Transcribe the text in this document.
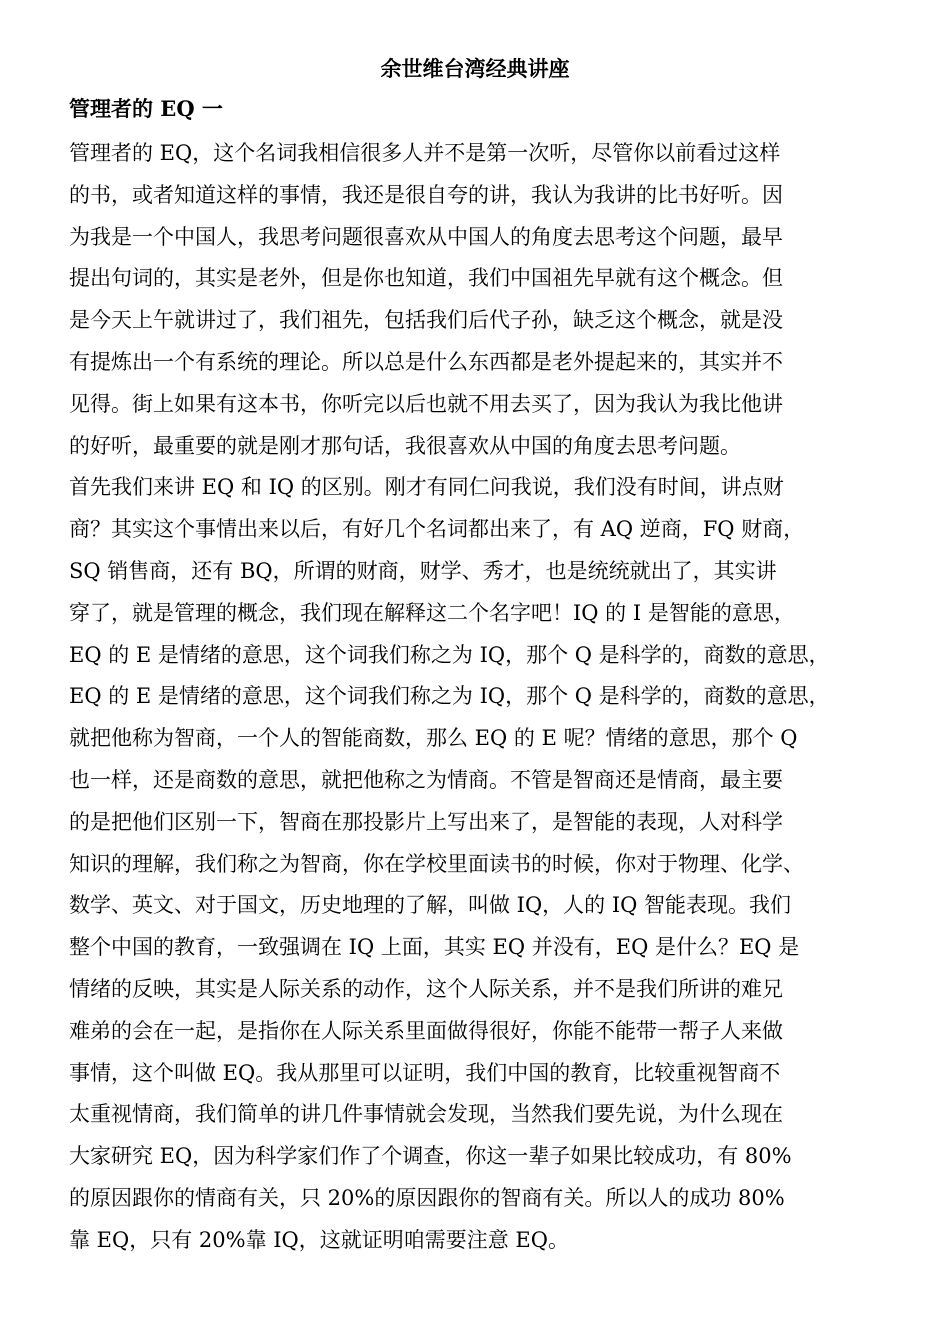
余世维台湾经典讲座
管理者的 EQ 一

管理者的 EQ，这个名词我相信很多人并不是第一次听，尽管你以前看过这样

的书，或者知道这样的事情，我还是很自夸的讲，我认为我讲的比书好听。因

为我是一个中国人，我思考问题很喜欢从中国人的角度去思考这个问题，最早

提出句词的，其实是老外，但是你也知道，我们中国祖先早就有这个概念。但

是今天上午就讲过了，我们祖先，包括我们后代子孙，缺乏这个概念，就是没

有提炼出一个有系统的理论。所以总是什么东西都是老外提起来的，其实并不

见得。街上如果有这本书，你听完以后也就不用去买了，因为我认为我比他讲

的好听，最重要的就是刚才那句话，我很喜欢从中国的角度去思考问题。

首先我们来讲 EQ 和 IQ 的区别。刚才有同仁问我说，我们没有时间，讲点财

商？其实这个事情出来以后，有好几个名词都出来了，有 AQ 逆商，FQ 财商，

SQ 销售商，还有 BQ，所谓的财商，财学、秀才，也是统统就出了，其实讲

穿了，就是管理的概念，我们现在解释这二个名字吧！IQ 的 I 是智能的意思，

EQ 的 E 是情绪的意思，这个词我们称之为 IQ，那个 Q 是科学的，商数的意思，

EQ 的 E 是情绪的意思，这个词我们称之为 IQ，那个 Q 是科学的，商数的意思，

就把他称为智商，一个人的智能商数，那么 EQ 的 E 呢？情绪的意思，那个 Q

也一样，还是商数的意思，就把他称之为情商。不管是智商还是情商，最主要

的是把他们区别一下，智商在那投影片上写出来了，是智能的表现，人对科学

知识的理解，我们称之为智商，你在学校里面读书的时候，你对于物理、化学、

数学、英文、对于国文，历史地理的了解，叫做 IQ，人的 IQ 智能表现。我们

整个中国的教育，一致强调在 IQ 上面，其实 EQ 并没有，EQ 是什么？EQ 是

情绪的反映，其实是人际关系的动作，这个人际关系，并不是我们所讲的难兄

难弟的会在一起，是指你在人际关系里面做得很好，你能不能带一帮子人来做

事情，这个叫做 EQ。我从那里可以证明，我们中国的教育，比较重视智商不

太重视情商，我们简单的讲几件事情就会发现，当然我们要先说，为什么现在

大家研究 EQ，因为科学家们作了个调查，你这一辈子如果比较成功，有 80%

的原因跟你的情商有关，只 20%的原因跟你的智商有关。所以人的成功 80%

靠 EQ，只有 20%靠 IQ，这就证明咱需要注意 EQ。
